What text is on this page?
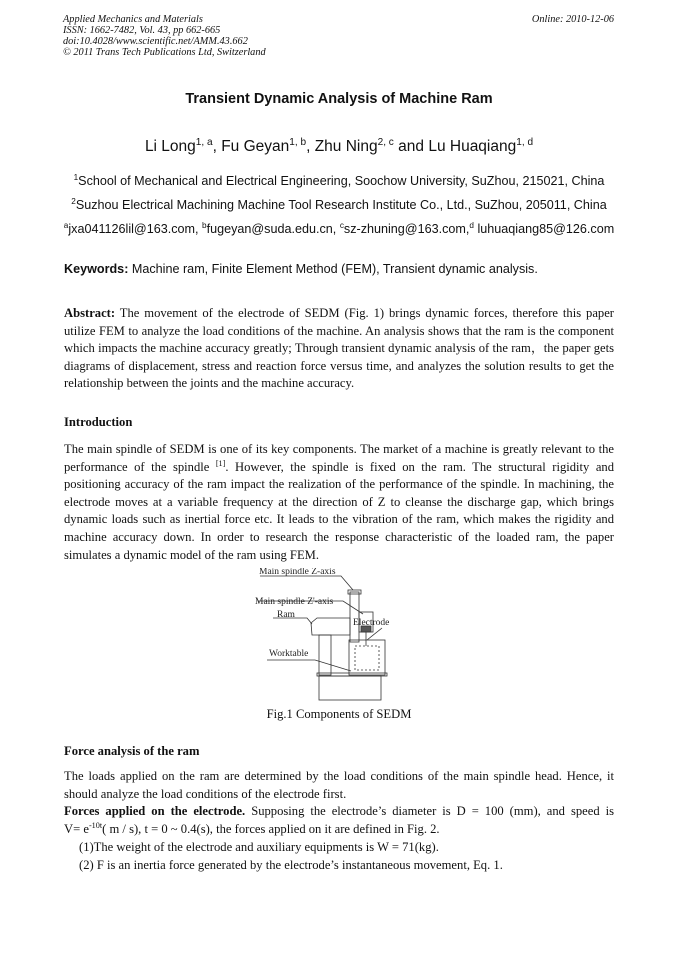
Applied Mechanics and Materials
ISSN: 1662-7482, Vol. 43, pp 662-665
doi:10.4028/www.scientific.net/AMM.43.662
© 2011 Trans Tech Publications Ltd, Switzerland
Online: 2010-12-06
Transient Dynamic Analysis of Machine Ram
Li Long$^{1, a}$, Fu Geyan$^{1, b}$, Zhu Ning$^{2, c}$ and Lu Huaqiang$^{1, d}$
$^1$School of Mechanical and Electrical Engineering, Soochow University, SuZhou, 215021, China
$^2$Suzhou Electrical Machining Machine Tool Research Institute Co., Ltd., SuZhou, 205011, China
$^a$jxa041126lil@163.com, $^b$fugeyan@suda.edu.cn, $^c$sz-zhuning@163.com,$^d$ luhuaqiang85@126.com
Keywords: Machine ram, Finite Element Method (FEM), Transient dynamic analysis.
Abstract: The movement of the electrode of SEDM (Fig. 1) brings dynamic forces, therefore this paper utilize FEM to analyze the load conditions of the machine. An analysis shows that the ram is the component which impacts the machine accuracy greatly; Through transient dynamic analysis of the ram，the paper gets diagrams of displacement, stress and reaction force versus time, and analyzes the solution results to get the relationship between the joints and the machine accuracy.
Introduction
The main spindle of SEDM is one of its key components. The market of a machine is greatly relevant to the performance of the spindle [1]. However, the spindle is fixed on the ram. The structural rigidity and positioning accuracy of the ram impact the realization of the performance of the spindle. In machining, the electrode moves at a variable frequency at the direction of Z to cleanse the discharge gap, which brings dynamic loads such as inertial force etc. It leads to the vibration of the ram, which makes the rigidity and machine accuracy down. In order to research the response characteristic of the loaded ram, the paper simulates a dynamic model of the ram using FEM.
Main spindle Z-axis
Main spindle Z'-axis
Ram
Electrode
Worktable
Fig.1 Components of SEDM
Force analysis of the ram
The loads applied on the ram are determined by the load conditions of the main spindle head. Hence, it should analyze the load conditions of the electrode first.
Forces applied on the electrode. Supposing the electrode’s diameter is D = 100 (mm), and speed is
$V= e^{-10t}$( m / s), t = 0 ~ 0.4(s), the forces applied on it are defined in Fig. 2.
(1)The weight of the electrode and auxiliary equipments is W = 71(kg).
(2) F is an inertia force generated by the electrode’s instantaneous movement, Eq. 1.
